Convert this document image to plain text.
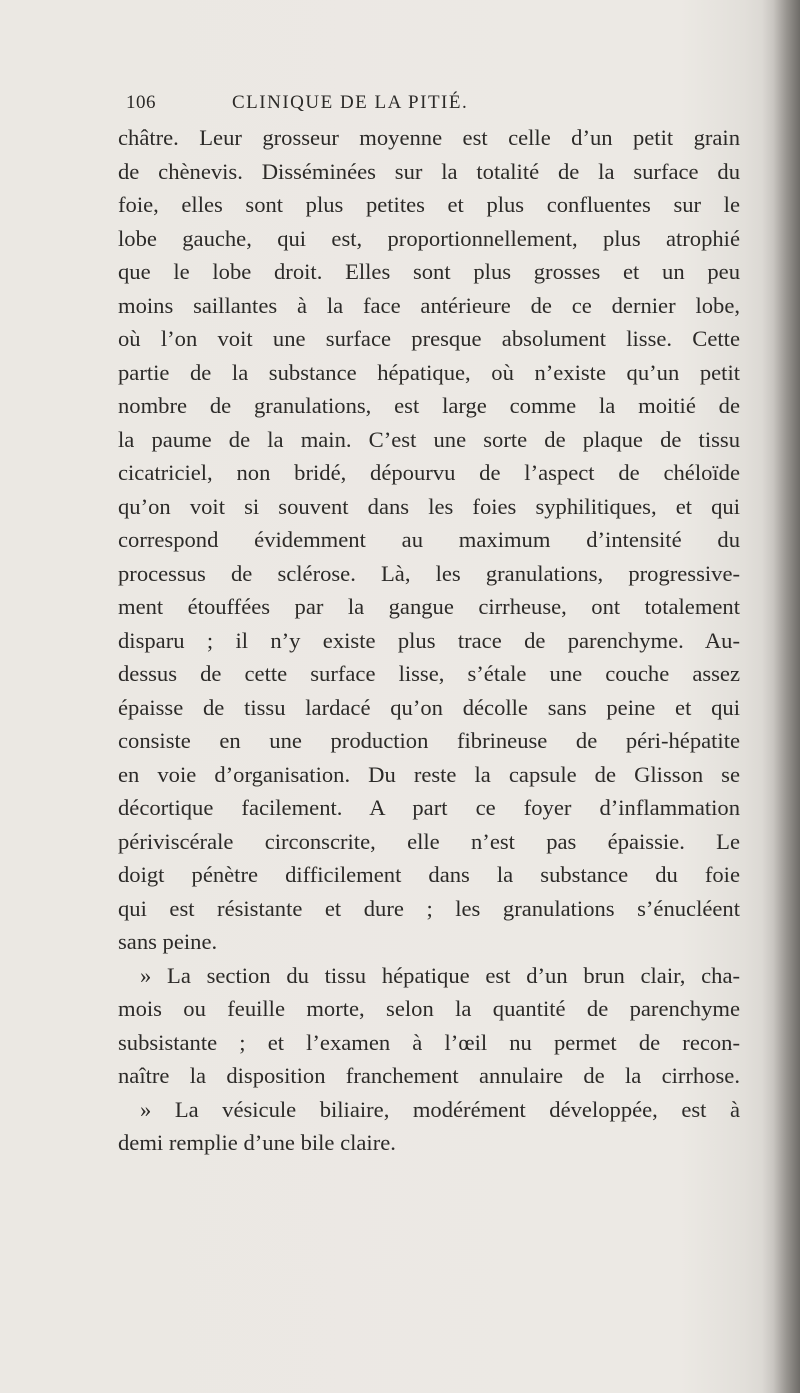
106	CLINIQUE DE LA PITIÉ.
châtre. Leur grosseur moyenne est celle d’un petit grain
de chènevis. Disséminées sur la totalité de la surface du
foie, elles sont plus petites et plus confluentes sur le
lobe gauche, qui est, proportionnellement, plus atrophié
que le lobe droit. Elles sont plus grosses et un peu
moins saillantes à la face antérieure de ce dernier lobe,
où l’on voit une surface presque absolument lisse. Cette
partie de la substance hépatique, où n’existe qu’un petit
nombre de granulations, est large comme la moitié de
la paume de la main. C’est une sorte de plaque de tissu
cicatriciel, non bridé, dépourvu de l’aspect de chéloïde
qu’on voit si souvent dans les foies syphilitiques, et qui
correspond évidemment au maximum d’intensité du
processus de sclérose. Là, les granulations, progressive-
ment étouffées par la gangue cirrheuse, ont totalement
disparu ; il n’y existe plus trace de parenchyme. Au-
dessus de cette surface lisse, s’étale une couche assez
épaisse de tissu lardacé qu’on décolle sans peine et qui
consiste en une production fibrineuse de péri-hépatite
en voie d’organisation. Du reste la capsule de Glisson se
décortique facilement. A part ce foyer d’inflammation
périviscérale circonscrite, elle n’est pas épaissie. Le
doigt pénètre difficilement dans la substance du foie
qui est résistante et dure ; les granulations s’énucléent
sans peine.
» La section du tissu hépatique est d’un brun clair, cha-
mois ou feuille morte, selon la quantité de parenchyme
subsistante ; et l’examen à l’œil nu permet de recon-
naître la disposition franchement annulaire de la cirrhose.
» La vésicule biliaire, modérément développée, est à
demi remplie d’une bile claire.
